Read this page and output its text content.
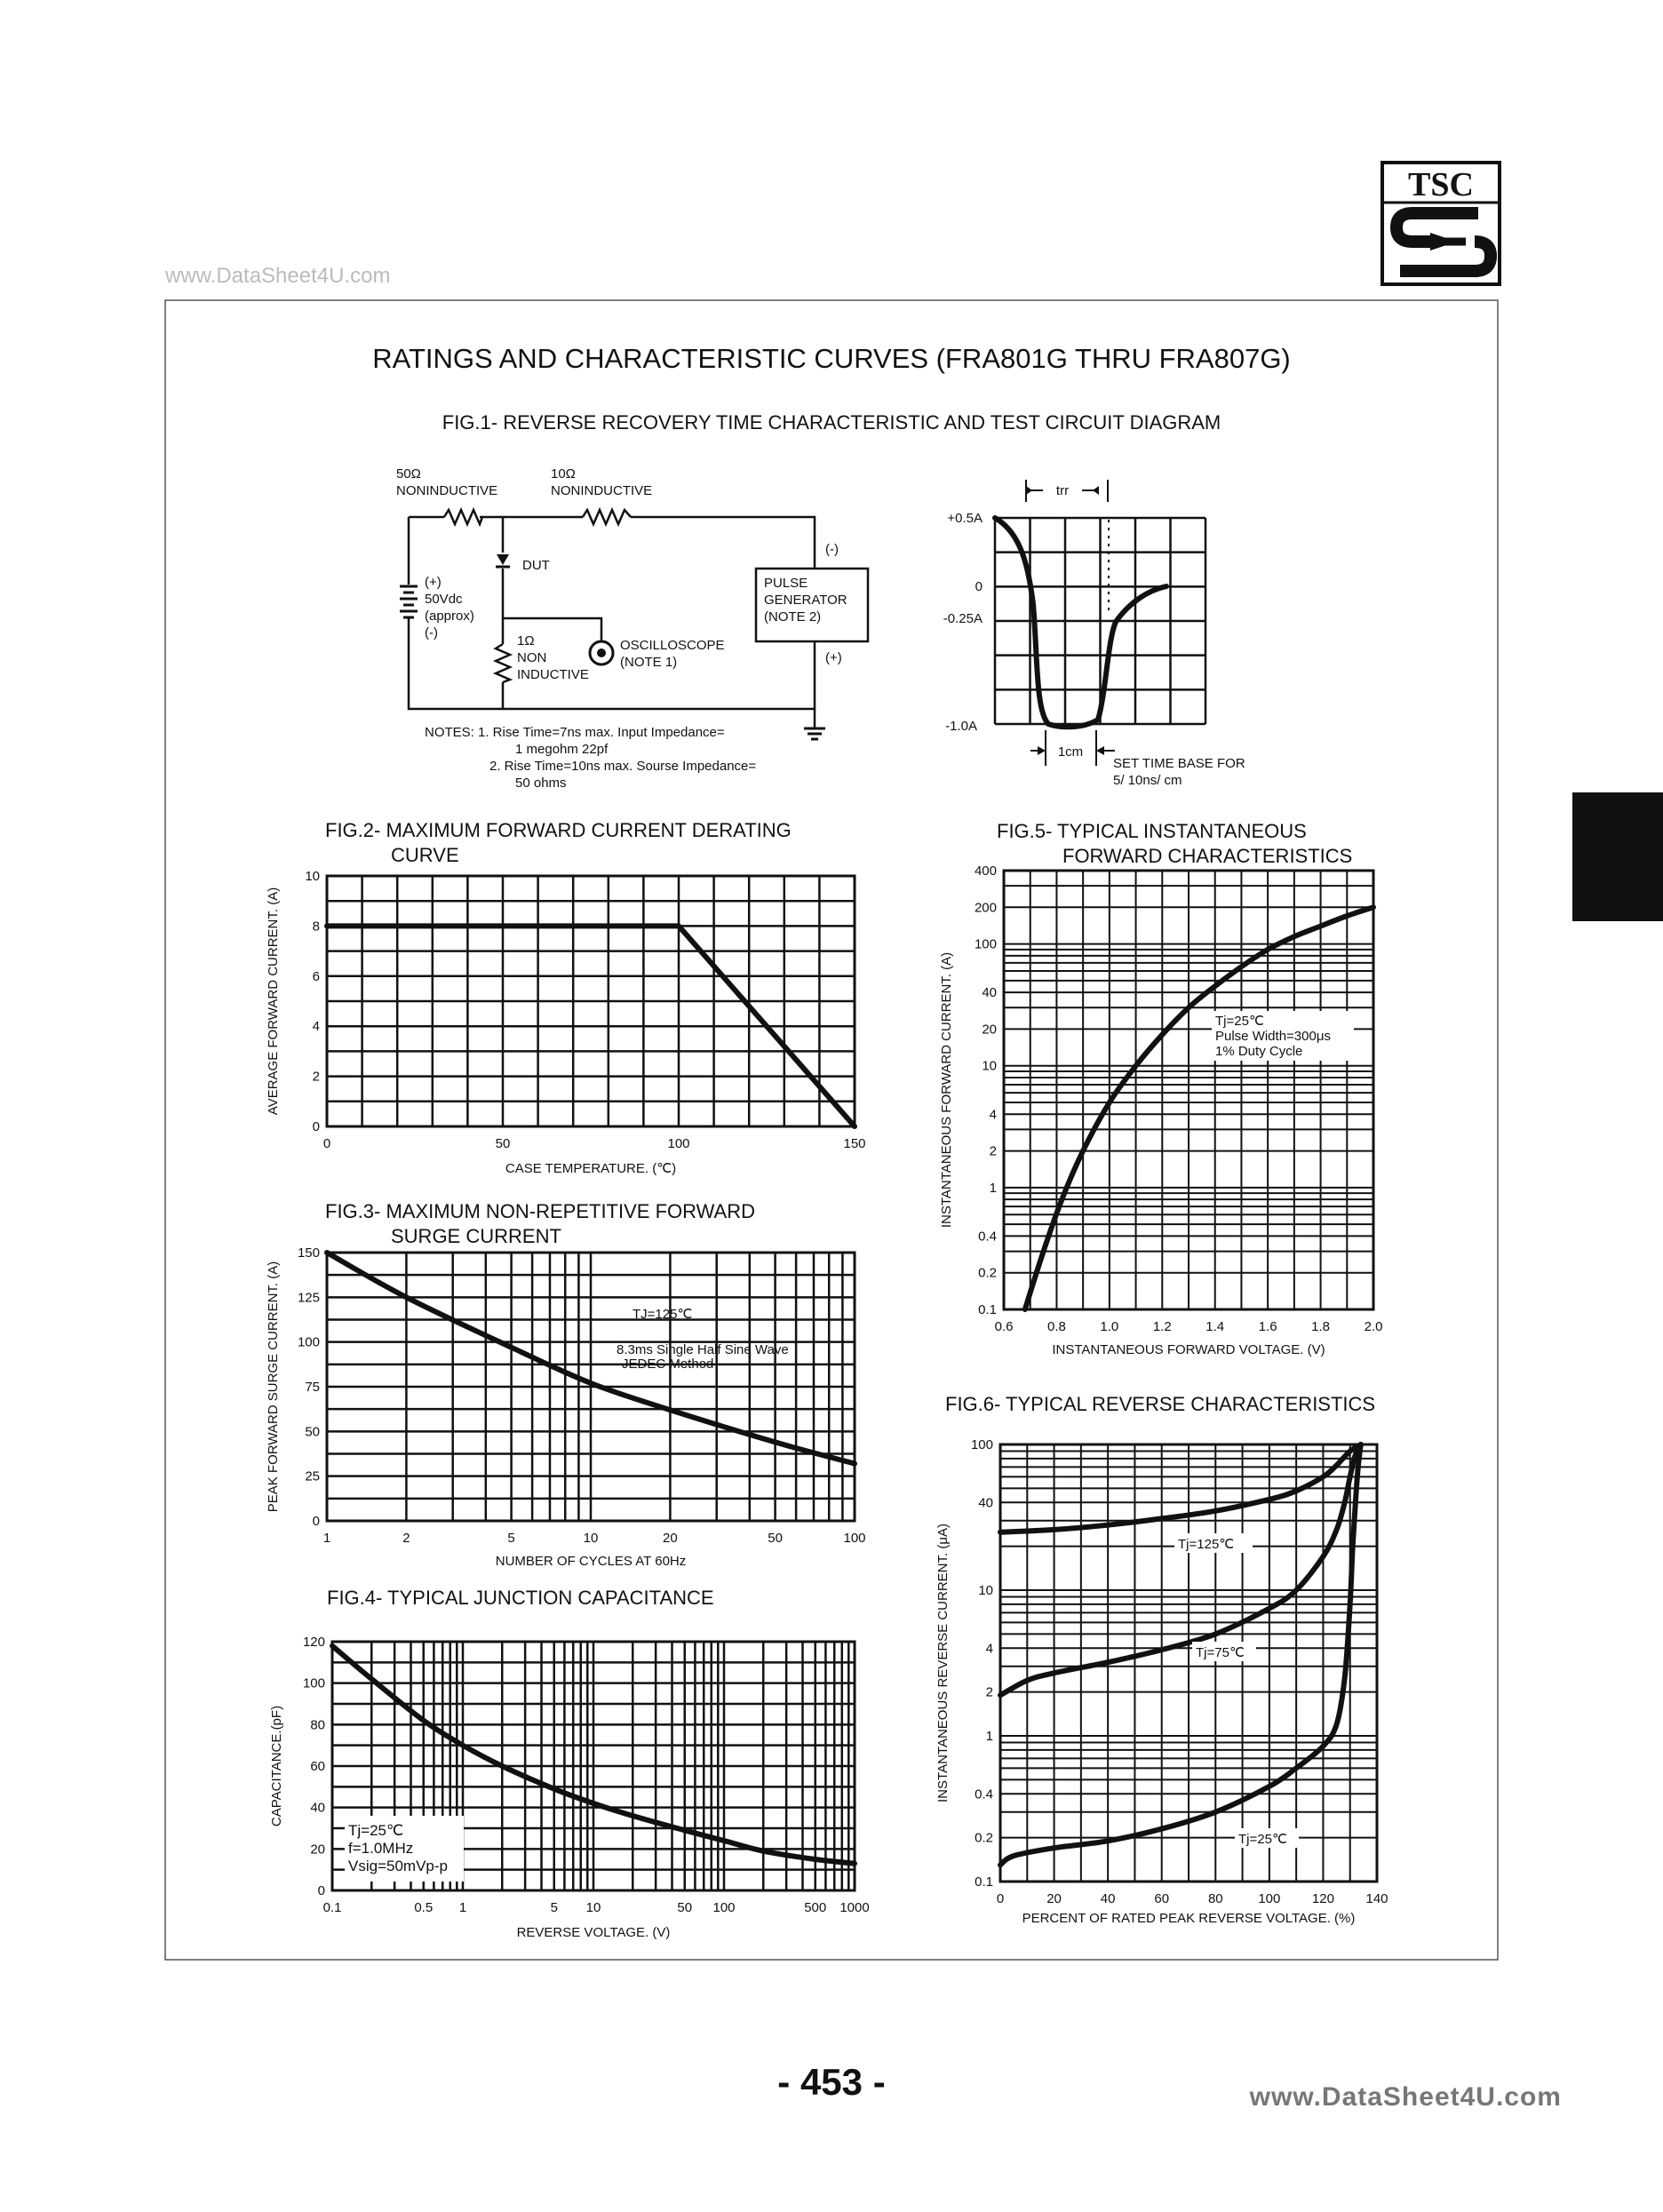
www.DataSheet4U.com
TSC
RATINGS AND CHARACTERISTIC CURVES (FRA801G THRU FRA807G)
FIG.1- REVERSE RECOVERY TIME CHARACTERISTIC AND TEST CIRCUIT DIAGRAM
50Ω
NONINDUCTIVE
10Ω
NONINDUCTIVE
DUT
(+)
50Vdc
(approx)
(-)
1Ω
NON
INDUCTIVE
OSCILLOSCOPE
(NOTE 1)
PULSE
GENERATOR
(NOTE 2)
(-)
(+)
NOTES: 1. Rise Time=7ns max. Input Impedance=
1 megohm 22pf
2. Rise Time=10ns max. Sourse Impedance=
50 ohms
trr
+0.5A
0
-0.25A
-1.0A
1cm
SET TIME BASE FOR
5/ 10ns/ cm
FIG.2- MAXIMUM FORWARD CURRENT DERATING
CURVE
FIG.3- MAXIMUM NON-REPETITIVE FORWARD
SURGE CURRENT
FIG.4- TYPICAL JUNCTION CAPACITANCE
FIG.5- TYPICAL INSTANTANEOUS
FORWARD CHARACTERISTICS
FIG.6- TYPICAL REVERSE CHARACTERISTICS
0	50	100	150
0
2
4
6
8
10
CASE TEMPERATURE. (℃)
AVERAGE FORWARD CURRENT. (A)
1	2	5	10	20	50	100
0
25
50
75
100
125
150
NUMBER OF CYCLES AT 60Hz
PEAK FORWARD SURGE CURRENT. (A)
0.1	0.5 1	5 10	50 100	500 1000
0
20
40
60
80
100
120
REVERSE VOLTAGE. (V)
CAPACITANCE.(pF)
0.6	0.8	1.0	1.2	1.4	1.6	1.8	2.0
0.1
0.2
0.4
1
2
4
10
20
40
100
200
400
INSTANTANEOUS FORWARD VOLTAGE. (V)
INSTANTANEOUS FORWARD CURRENT. (A)
0	20	40	60	80	100 120 140
0.1
0.2
0.4
1
2
4
10
40
100
PERCENT OF RATED PEAK REVERSE VOLTAGE. (%)
INSTANTANEOUS REVERSE CURRENT. (μA)
- 453 -	www.DataSheet4U.com
TJ=125℃
8.3ms Single Half Sine Wave
JEDEC Method
Tj=25℃
f=1.0MHz
Vsig=50mVp-p
Tj=25℃
Pulse Width=300μs
1% Duty Cycle
Tj=125℃
Tj=75℃
Tj=25℃
